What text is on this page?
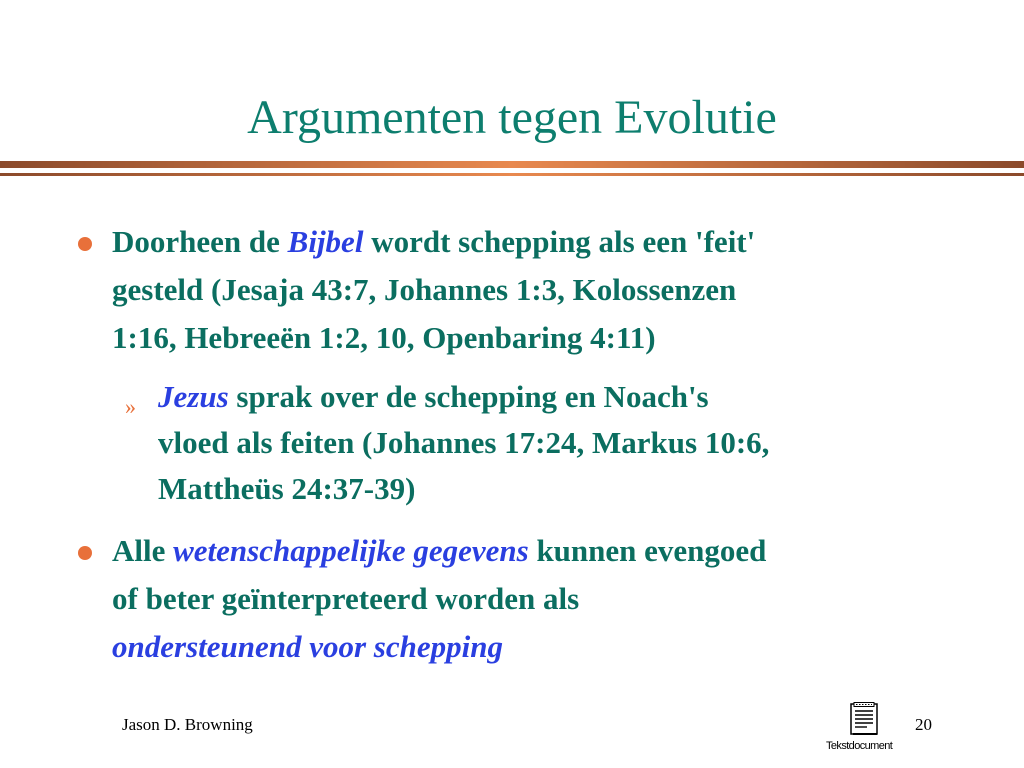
Argumenten tegen Evolutie
Doorheen de Bijbel wordt schepping als een 'feit'
gesteld (Jesaja 43:7, Johannes 1:3, Kolossenzen
1:16, Hebreeën 1:2, 10, Openbaring 4:11)
» Jezus sprak over de schepping en Noach's
vloed als feiten (Johannes 17:24, Markus 10:6,
Mattheüs 24:37-39)
Alle wetenschappelijke gegevens kunnen evengoed
of beter geïnterpreteerd worden als
ondersteunend voor schepping
Jason D. Browning
Tekstdocument
20
